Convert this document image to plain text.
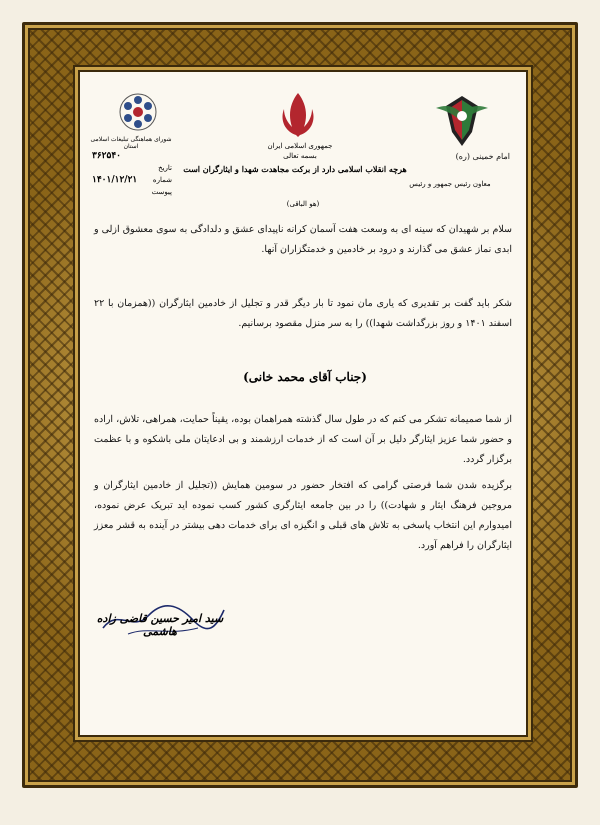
امام خمینی (ره)
هرچه انقلاب اسلامی دارد از برکت مجاهدت شهدا و ایثارگران است
معاون رئیس جمهور و رئیس
جمهوری اسلامی ایران
بسمه تعالی
شورای هماهنگی تبلیغات اسلامی
استان
۳۶۲۵۴۰
تاریخ
شماره
۱۴۰۱/۱۲/۲۱
پیوست
(هو الباقی)
سلام بر شهیدان که سینه ای به وسعت هفت آسمان کرانه ناپیدای عشق و دلدادگی به سوی معشوق ازلی و ابدی نماز عشق می گذارند و درود بر خادمین و خدمتگزاران آنها.
شکر باید گفت بر تقدیری که یاری مان نمود تا بار دیگر قدر و تجلیل از خادمین ایثارگران ((همزمان با ۲۲ اسفند ۱۴۰۱ و روز بزرگداشت شهدا)) را به سر منزل مقصود برسانیم.
(جناب آقای محمد خانی)
از شما صمیمانه تشکر می کنم که در طول سال گذشته همراهمان بوده، یقیناً حمایت، همراهی، تلاش، اراده و حضور شما عزیز ایثارگر دلیل بر آن است که از خدمات ارزشمند و بی ادعایتان ملی باشکوه و با عظمت برگزار گردد.
برگزیده شدن شما فرصتی گرامی که افتخار حضور در سومین همایش ((تجلیل از خادمین ایثارگران و مروجین فرهنگ ایثار و شهادت)) را در بین جامعه ایثارگری کشور کسب نموده اید تبریک عرض نموده، امیدوارم این انتخاب پاسخی به تلاش های قبلی و انگیزه ای برای خدمات دهی بیشتر در آینده به قشر معزز ایثارگران را فراهم آورد.
سید امیر حسین قاضی زاده هاشمی
